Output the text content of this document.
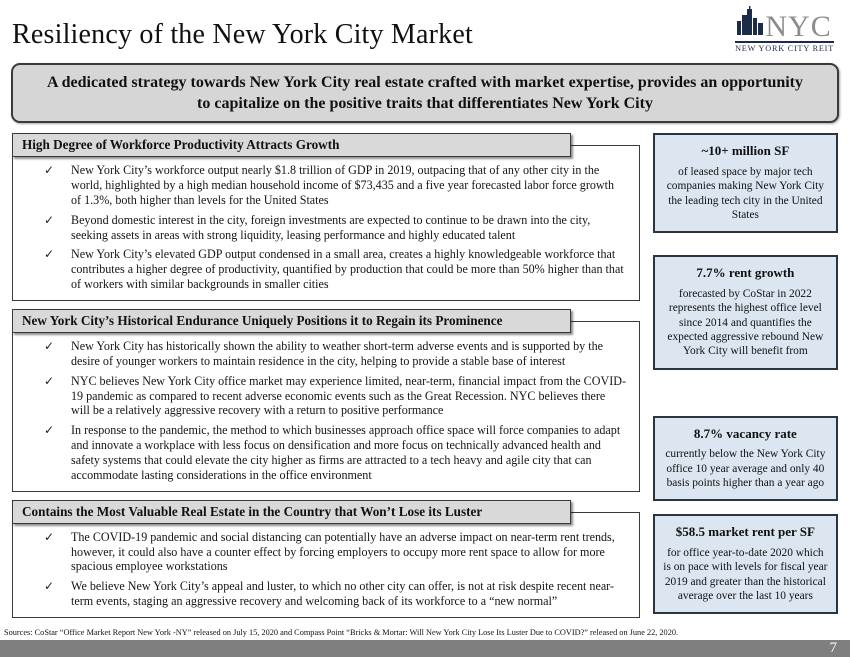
Resiliency of the New York City Market	NYC
NEW YORK CITY REIT
A dedicated strategy towards New York City real estate crafted with market expertise, provides an opportunity to capitalize on the positive traits that differentiates New York City
High Degree of Workforce Productivity Attracts Growth
✓	New York City’s workforce output nearly $1.8 trillion of GDP in 2019, outpacing that of any other city in the world, highlighted by a high median household income of $73,435 and a five year forecasted labor force growth of 1.3%, both higher than levels for the United States
✓	Beyond domestic interest in the city, foreign investments are expected to continue to be drawn into the city, seeking assets in areas with strong liquidity, leasing performance and highly educated talent
✓	New York City’s elevated GDP output condensed in a small area, creates a highly knowledgeable workforce that contributes a higher degree of productivity, quantified by production that could be more than 50% higher than that of workers with similar backgrounds in smaller cities
New York City’s Historical Endurance Uniquely Positions it to Regain its Prominence
✓	New York City has historically shown the ability to weather short-term adverse events and is supported by the desire of younger workers to maintain residence in the city, helping to provide a stable base of interest
✓	NYC believes New York City office market may experience limited, near-term, financial impact from the COVID-19 pandemic as compared to recent adverse economic events such as the Great Recession. NYC believes there will be a relatively aggressive recovery with a return to positive performance
✓	In response to the pandemic, the method to which businesses approach office space will force companies to adapt and innovate a workplace with less focus on densification and more focus on technically advanced health and safety systems that could elevate the city higher as firms are attracted to a tech heavy and agile city that can accommodate lasting considerations in the office environment
Contains the Most Valuable Real Estate in the Country that Won’t Lose its Luster
✓	The COVID-19 pandemic and social distancing can potentially have an adverse impact on near-term rent trends, however, it could also have a counter effect by forcing employers to occupy more rent space to allow for more spacious employee workstations
✓	We believe New York City’s appeal and luster, to which no other city can offer, is not at risk despite recent near-term events, staging an aggressive recovery and welcoming back of its workforce to a “new normal”
~10+ million SF
of leased space by major tech companies making New York City the leading tech city in the United States
7.7% rent growth
forecasted by CoStar in 2022 represents the highest office level since 2014 and quantifies the expected aggressive rebound New York City will benefit from
8.7% vacancy rate
currently below the New York City office 10 year average and only 40 basis points higher than a year ago
$58.5 market rent per SF
for office year-to-date 2020 which is on pace with levels for fiscal year 2019 and greater than the historical average over the last 10 years
Sources: CoStar “Office Market Report New York -NY” released on July 15, 2020 and Compass Point “Bricks & Mortar: Will New York City Lose Its Luster Due to COVID?” released on June 22, 2020.
7
